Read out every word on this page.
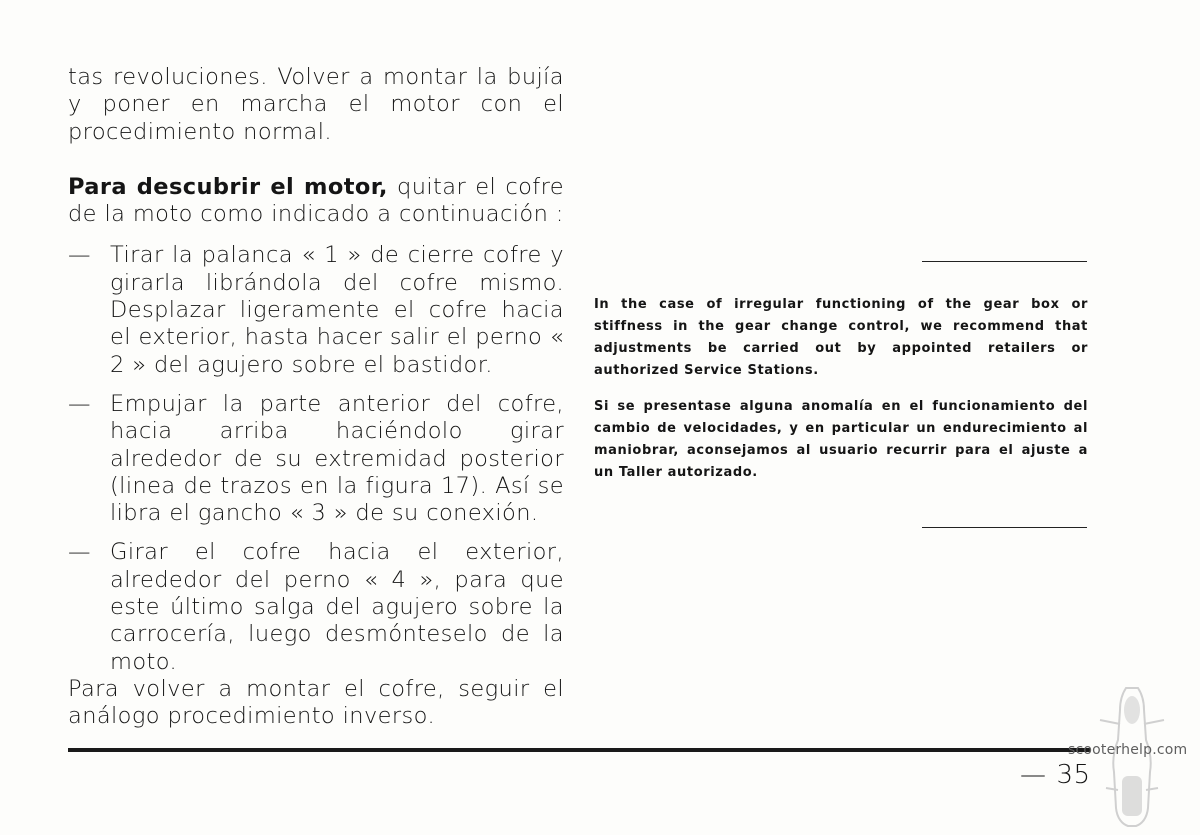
tas revoluciones. Volver a montar la bujía y poner en marcha el motor con el procedimiento normal.

Para descubrir el motor, quitar el cofre de la moto como indicado a continuación :

— Tirar la palanca « 1 » de cierre cofre y girarla librándola del cofre mismo. Desplazar ligeramente el cofre hacia el exterior, hasta hacer salir el perno « 2 » del agujero sobre el bastidor.
— Empujar la parte anterior del cofre, hacia arriba haciéndolo girar alrededor de su extremidad posterior (linea de trazos en la figura 17). Así se libra el gancho « 3 » de su conexión.
— Girar el cofre hacia el exterior, alrededor del perno « 4 », para que este último salga del agujero sobre la carrocería, luego desmónteselo de la moto.

Para volver a montar el cofre, seguir el análogo procedimiento inverso.

In the case of irregular functioning of the gear box or stiffness in the gear change control, we recommend that adjustments be carried out by appointed retailers or authorized Service Stations.

Si se presentase alguna anomalía en el funcionamiento del cambio de velocidades, y en particular un endurecimiento al maniobrar, aconsejamos al usuario recurrir para el ajuste a un Taller autorizado.

scooterhelp.com
— 35
